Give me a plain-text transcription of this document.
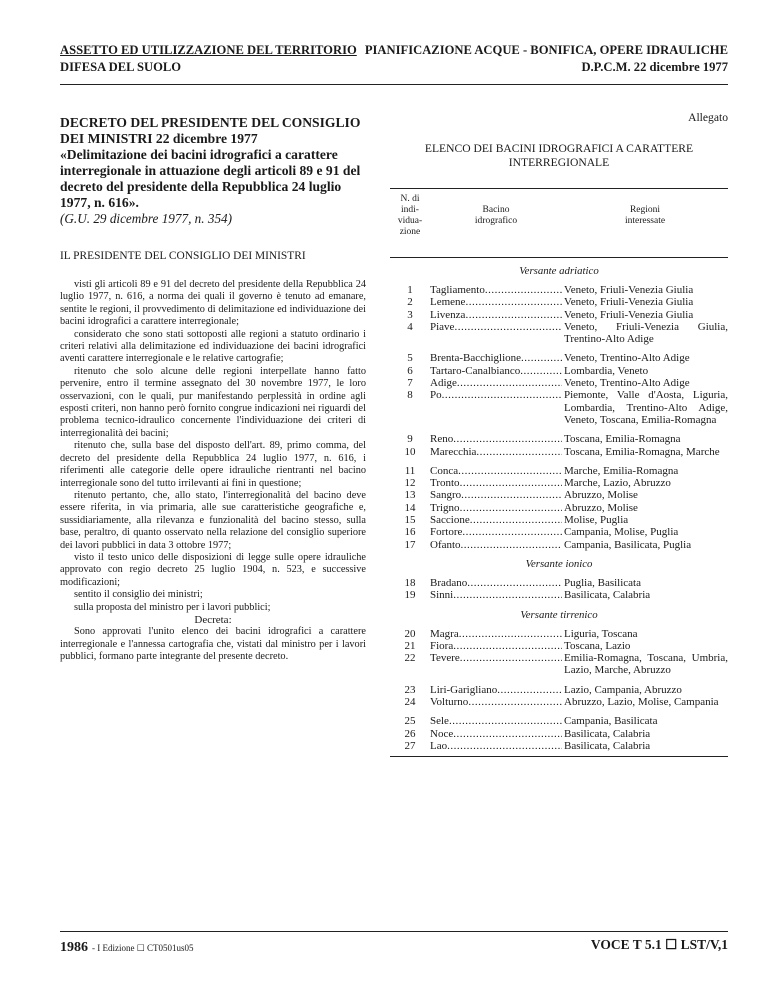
ASSETTO ED UTILIZZAZIONE DEL TERRITORIO
DIFESA DEL SUOLO
PIANIFICAZIONE ACQUE - BONIFICA, OPERE IDRAULICHE
D.P.C.M. 22 dicembre 1977
DECRETO DEL PRESIDENTE DEL CONSIGLIO DEI MINISTRI 22 dicembre 1977
«Delimitazione dei bacini idrografici a carattere interregionale in attuazione degli articoli 89 e 91 del decreto del presidente della Repubblica 24 luglio 1977, n. 616».
(G.U. 29 dicembre 1977, n. 354)
IL PRESIDENTE DEL CONSIGLIO DEI MINISTRI

visti gli articoli 89 e 91 del decreto del presidente della Repubblica 24 luglio 1977, n. 616, a norma dei quali il governo è tenuto ad emanare, sentite le regioni, il provvedimento di delimitazione ed individuazione dei bacini idrografici a carattere interregionale;

considerato che sono stati sottoposti alle regioni a statuto ordinario i criteri relativi alla delimitazione ed individuazione dei bacini idrografici aventi carattere interregionale e le relative cartografie;

ritenuto che solo alcune delle regioni interpellate hanno fatto pervenire, entro il termine assegnato del 30 novembre 1977, le loro osservazioni, con le quali, pur manifestando perplessità in ordine agli esposti criteri, non hanno però fornito congrue indicazioni nei riguardi del problema tecnico-idraulico concernente l'individuazione dei criteri di interregionalità dei bacini;

ritenuto che, sulla base del disposto dell'art. 89, primo comma, del decreto del presidente della Repubblica 24 luglio 1977, n. 616, i riferimenti alle categorie delle opere idrauliche rientranti nel bacino interregionale sono del tutto irrilevanti ai fini in questione;

ritenuto pertanto, che, allo stato, l'interregionalità del bacino deve essere riferita, in via primaria, alle sue caratteristiche geografiche e, sussidiariamente, alla rilevanza e funzionalità del bacino stesso, sulla base, peraltro, di quanto osservato nella relazione del consiglio superiore dei lavori pubblici in data 3 ottobre 1977;

visto il testo unico delle disposizioni di legge sulle opere idrauliche approvato con regio decreto 25 luglio 1904, n. 523, e successive modificazioni;

sentito il consiglio dei ministri;

sulla proposta del ministro per i lavori pubblici;

Decreta:

Sono approvati l'unito elenco dei bacini idrografici a carattere interregionale e l'annessa cartografia che, vistati dal ministro per i lavori pubblici, formano parte integrante del presente decreto.

Allegato
ELENCO DEI BACINI IDROGRAFICI A CARATTERE INTERREGIONALE
N. di
indi-
vidua-
zione
Bacino
idrografico
Regioni
interessate
Versante adriatico
1	Tagliamento .....	Veneto, Friuli-Venezia Giulia
2	Lemene .....	Veneto, Friuli-Venezia Giulia
3	Livenza .....	Veneto, Friuli-Venezia Giulia
4	Piave .....	Veneto, Friuli-Venezia Giulia, Trentino-Alto Adige
5	Brenta-Bacchiglione .....	Veneto, Trentino-Alto Adige
6	Tartaro-Canalbianco .....	Lombardia, Veneto
7	Adige .....	Veneto, Trentino-Alto Adige
8	Po .....	Piemonte, Valle d'Aosta, Liguria, Lombardia, Trentino-Alto Adige, Veneto, Toscana, Emilia-Romagna
9	Reno .....	Toscana, Emilia-Romagna
10	Marecchia .....	Toscana, Emilia-Romagna, Marche
11	Conca .....	Marche, Emilia-Romagna
12	Tronto .....	Marche, Lazio, Abruzzo
13	Sangro .....	Abruzzo, Molise
14	Trigno .....	Abruzzo, Molise
15	Saccione .....	Molise, Puglia
16	Fortore .....	Campania, Molise, Puglia
17	Ofanto .....	Campania, Basilicata, Puglia
Versante ionico
18	Bradano .....	Puglia, Basilicata
19	Sinni .....	Basilicata, Calabria
Versante tirrenico
20	Magra .....	Liguria, Toscana
21	Fiora .....	Toscana, Lazio
22	Tevere .....	Emilia-Romagna, Toscana, Umbria, Lazio, Marche, Abruzzo
23	Liri-Garigliano .....	Lazio, Campania, Abruzzo
24	Volturno .....	Abruzzo, Lazio, Molise, Campania
25	Sele .....	Campania, Basilicata
26	Noce .....	Basilicata, Calabria
27	Lao .....	Basilicata, Calabria
1986 - I Edizione ☐ CT0501us05	VOCE T 5.1 ☐ LST/V,1
